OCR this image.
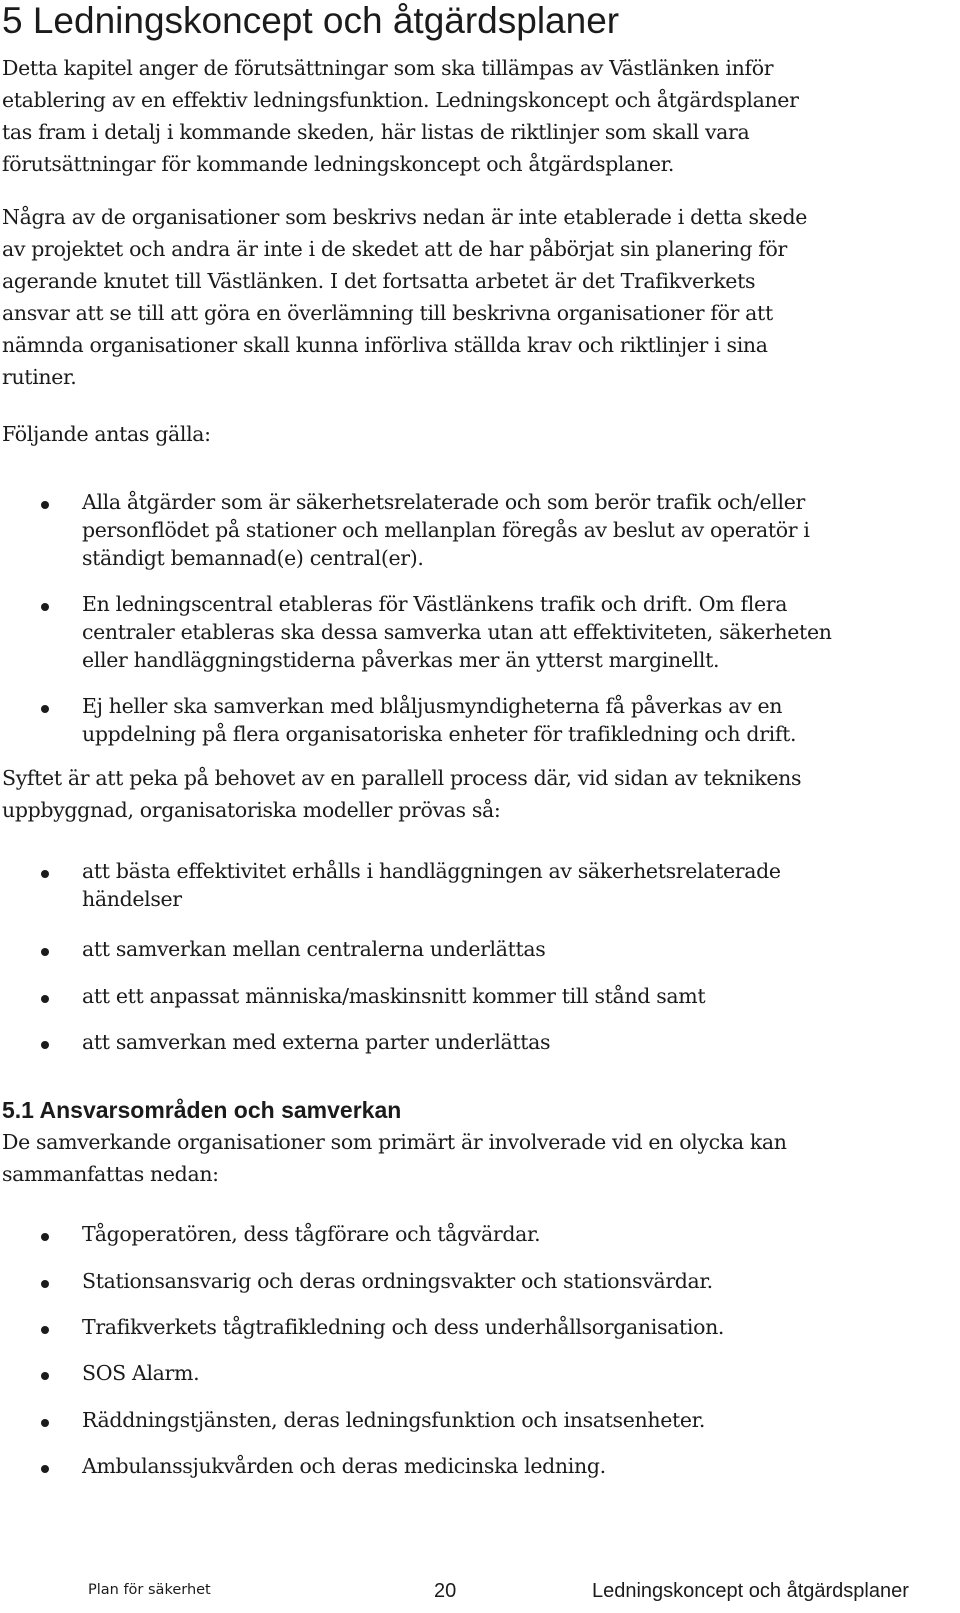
5 Ledningskoncept och åtgärdsplaner

Detta kapitel anger de förutsättningar som ska tillämpas av Västlänken inför
etablering av en effektiv ledningsfunktion. Ledningskoncept och åtgärdsplaner
tas fram i detalj i kommande skeden, här listas de riktlinjer som skall vara
förutsättningar för kommande ledningskoncept och åtgärdsplaner.

Några av de organisationer som beskrivs nedan är inte etablerade i detta skede
av projektet och andra är inte i de skedet att de har påbörjat sin planering för
agerande knutet till Västlänken. I det fortsatta arbetet är det Trafikverkets
ansvar att se till att göra en överlämning till beskrivna organisationer för att
nämnda organisationer skall kunna införliva ställda krav och riktlinjer i sina
rutiner.

Följande antas gälla:

Alla åtgärder som är säkerhetsrelaterade och som berör trafik och/eller
personflödet på stationer och mellanplan föregås av beslut av operatör i
ständigt bemannad(e) central(er).

En ledningscentral etableras för Västlänkens trafik och drift. Om flera
centraler etableras ska dessa samverka utan att effektiviteten, säkerheten
eller handläggningstiderna påverkas mer än ytterst marginellt.

Ej heller ska samverkan med blåljusmyndigheterna få påverkas av en
uppdelning på flera organisatoriska enheter för trafikledning och drift.

Syftet är att peka på behovet av en parallell process där, vid sidan av teknikens
uppbyggnad, organisatoriska modeller prövas så:

att bästa effektivitet erhålls i handläggningen av säkerhetsrelaterade
händelser

att samverkan mellan centralerna underlättas

att ett anpassat människa/maskinsnitt kommer till stånd samt

att samverkan med externa parter underlättas

5.1 Ansvarsområden och samverkan

De samverkande organisationer som primärt är involverade vid en olycka kan
sammanfattas nedan:

Tågoperatören, dess tågförare och tågvärdar.

Stationsansvarig och deras ordningsvakter och stationsvärdar.

Trafikverkets tågtrafikledning och dess underhållsorganisation.

SOS Alarm.

Räddningstjänsten, deras ledningsfunktion och insatsenheter.

Ambulanssjukvården och deras medicinska ledning.

Plan för säkerhet	20	Ledningskoncept och åtgärdsplaner
